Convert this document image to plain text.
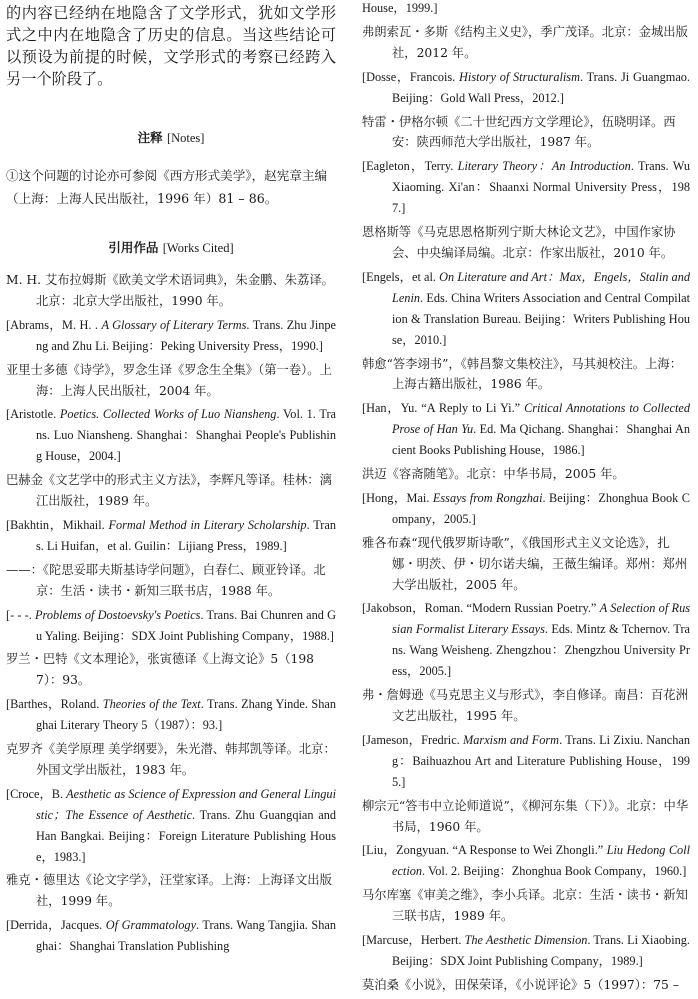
的内容已经纳在地隐含了文学形式，犹如文学形式之中内在地隐含了历史的信息。当这些结论可以预设为前提的时候，文学形式的考察已经跨入另一个阶段了。

注释 [Notes]

①这个问题的讨论亦可参阅《西方形式美学》，赵宪章主编（上海：上海人民出版社，1996 年）81 – 86。

引用作品 [Works Cited]

M. H. 艾布拉姆斯《欧美文学术语词典》，朱金鹏、朱荔译。北京：北京大学出版社，1990 年。

[Abrams，M. H. . A Glossary of Literary Terms. Trans. Zhu Jinpeng and Zhu Li. Beijing：Peking University Press，1990.]

亚里士多德《诗学》，罗念生译《罗念生全集》（第一卷）。上海：上海人民出版社，2004 年。

[Aristotle. Poetics. Collected Works of Luo Niansheng. Vol. 1. Trans. Luo Niansheng. Shanghai：Shanghai People's Publishing House，2004.]

巴赫金《文艺学中的形式主义方法》，李辉凡等译。桂林：漓江出版社，1989 年。

[Bakhtin，Mikhail. Formal Method in Literary Scholarship. Trans. Li Huifan，et al. Guilin：Lijiang Press，1989.]

——：《陀思妥耶夫斯基诗学问题》，白春仁、顾亚铃译。北京：生活・读书・新知三联书店，1988 年。

[- - -. Problems of Dostoevsky's Poetics. Trans. Bai Chunren and Gu Yaling. Beijing：SDX Joint Publishing Company，1988.]

罗兰・巴特《文本理论》，张寅德译《上海文论》5（1987）：93。

[Barthes，Roland. Theories of the Text. Trans. Zhang Yinde. Shanghai Literary Theory 5（1987）：93.]

克罗齐《美学原理 美学纲要》，朱光潜、韩邦凯等译。北京：外国文学出版社，1983 年。

[Croce，B. Aesthetic as Science of Expression and General Linguistic；The Essence of Aesthetic. Trans. Zhu Guangqian and Han Bangkai. Beijing：Foreign Literature Publishing House，1983.]

雅克・德里达《论文字学》，汪堂家译。上海：上海译文出版社，1999 年。

[Derrida，Jacques. Of Grammatology. Trans. Wang Tangjia. Shanghai：Shanghai Translation Publishing

House，1999.]

弗朗索瓦・多斯《结构主义史》，季广茂译。北京：金城出版社，2012 年。

[Dosse，Francois. History of Structuralism. Trans. Ji Guangmao. Beijing：Gold Wall Press，2012.]

特雷・伊格尔顿《二十世纪西方文学理论》，伍晓明译。西安：陕西师范大学出版社，1987 年。

[Eagleton，Terry. Literary Theory：An Introduction. Trans. Wu Xiaoming. Xi'an：Shaanxi Normal University Press，1987.]

恩格斯等《马克思恩格斯列宁斯大林论文艺》，中国作家协会、中央编译局编。北京：作家出版社，2010 年。

[Engels，et al. On Literature and Art：Max，Engels，Stalin and Lenin. Eds. China Writers Association and Central Compilation & Translation Bureau. Beijing：Writers Publishing House，2010.]

韩愈“答李翊书”，《韩昌黎文集校注》，马其昶校注。上海：上海古籍出版社，1986 年。

[Han，Yu. “A Reply to Li Yi.” Critical Annotations to Collected Prose of Han Yu. Ed. Ma Qichang. Shanghai：Shanghai Ancient Books Publishing House，1986.]

洪迈《容斋随笔》。北京：中华书局，2005 年。

[Hong，Mai. Essays from Rongzhai. Beijing：Zhonghua Book Company，2005.]

雅各布森“现代俄罗斯诗歌”，《俄国形式主义文论选》，扎娜・明茨、伊・切尔诺夫编，王薇生编译。郑州：郑州大学出版社，2005 年。

[Jakobson，Roman. “Modern Russian Poetry.” A Selection of Russian Formalist Literary Essays. Eds. Mintz & Tchernov. Trans. Wang Weisheng. Zhengzhou：Zhengzhou University Press，2005.]

弗・詹姆逊《马克思主义与形式》，李自修译。南昌：百花洲文艺出版社，1995 年。

[Jameson，Fredric. Marxism and Form. Trans. Li Zixiu. Nanchang：Baihuazhou Art and Literature Publishing House，1995.]

柳宗元“答韦中立论师道说”，《柳河东集（下）》。北京：中华书局，1960 年。

[Liu，Zongyuan. “A Response to Wei Zhongli.” Liu Hedong Collection. Vol. 2. Beijing：Zhonghua Book Company，1960.]

马尔库塞《审美之维》，李小兵译。北京：生活・读书・新知三联书店，1989 年。

[Marcuse，Herbert. The Aesthetic Dimension. Trans. Li Xiaobing. Beijing：SDX Joint Publishing Company，1989.]

莫泊桑《小说》，田保荣译，《小说评论》5（1997）：75 –
